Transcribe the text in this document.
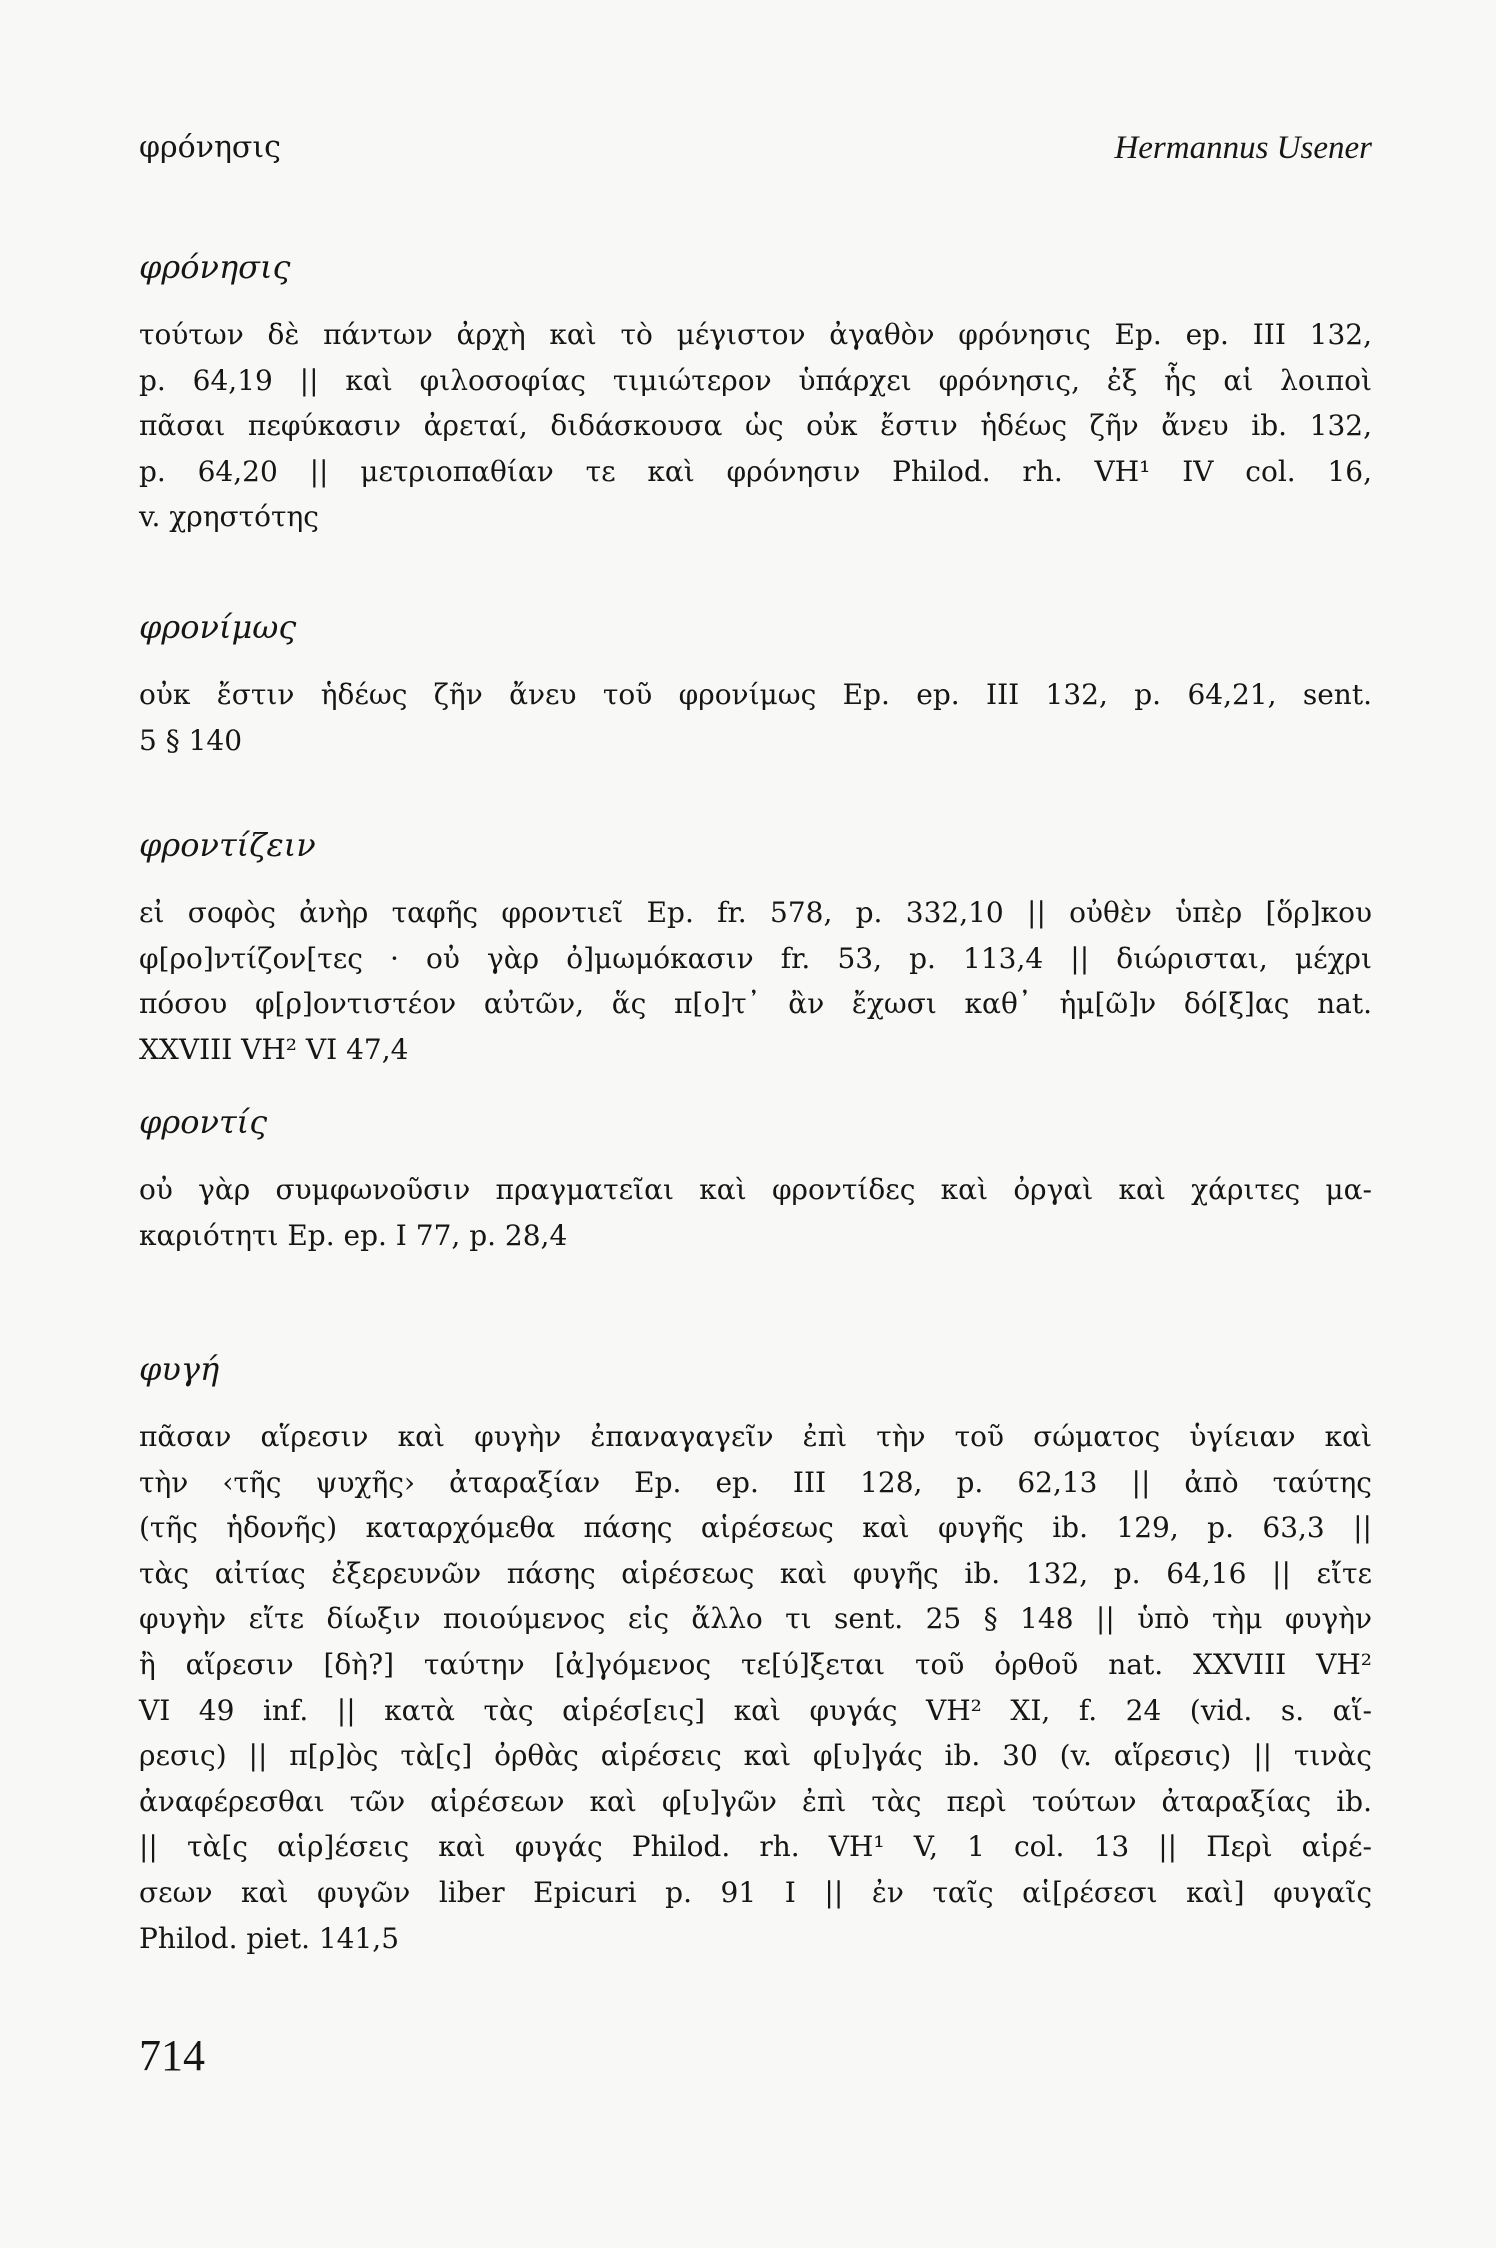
φρόνησις	Hermannus Usener
φρόνησις
τούτων δὲ πάντων ἀρχὴ καὶ τὸ μέγιστον ἀγαθὸν φρόνησις Ep. ep. III 132,
p. 64,19 || καὶ φιλοσοφίας τιμιώτερον ὑπάρχει φρόνησις, ἐξ ἧς αἱ λοιποὶ
πᾶσαι πεφύκασιν ἀρεταί, διδάσκουσα ὡς οὐκ ἔστιν ἡδέως ζῆν ἄνευ ib. 132,
p. 64,20 || μετριοπαθίαν τε καὶ φρόνησιν Philod. rh. VH¹ IV col. 16,
v. χρηστότης
φρονίμως
οὐκ ἔστιν ἡδέως ζῆν ἄνευ τοῦ φρονίμως Ep. ep. III 132, p. 64,21, sent.
5 § 140
φροντίζειν
εἰ σοφὸς ἀνὴρ ταφῆς φροντιεῖ Ep. fr. 578, p. 332,10 || οὐθὲν ὑπὲρ [ὅρ]κου
φ[ρο]ντίζον[τες · οὐ γὰρ ὀ]μωμόκασιν fr. 53, p. 113,4 || διώρισται, μέχρι
πόσου φ[ρ]οντιστέον αὐτῶν, ἅς π[ο]τ᾽ ἂν ἔχωσι καθ᾽ ἡμ[ῶ]ν δό[ξ]ας nat.
XXVIII VH² VI 47,4
φροντίς
οὐ γὰρ συμφωνοῦσιν πραγματεῖαι καὶ φροντίδες καὶ ὀργαὶ καὶ χάριτες μα-
καριότητι Ep. ep. I 77, p. 28,4
φυγή
πᾶσαν αἵρεσιν καὶ φυγὴν ἐπαναγαγεῖν ἐπὶ τὴν τοῦ σώματος ὑγίειαν καὶ
τὴν ‹τῆς ψυχῆς› ἀταραξίαν Ep. ep. III 128, p. 62,13 || ἀπὸ ταύτης
(τῆς ἡδονῆς) καταρχόμεθα πάσης αἱρέσεως καὶ φυγῆς ib. 129, p. 63,3 ||
τὰς αἰτίας ἐξερευνῶν πάσης αἱρέσεως καὶ φυγῆς ib. 132, p. 64,16 || εἴτε
φυγὴν εἴτε δίωξιν ποιούμενος εἰς ἄλλο τι sent. 25 § 148 || ὑπὸ τὴμ φυγὴν
ἢ αἵρεσιν [δὴ?] ταύτην [ἀ]γόμενος τε[ύ]ξεται τοῦ ὀρθοῦ nat. XXVIII VH²
VI 49 inf. || κατὰ τὰς αἱρέσ[εις] καὶ φυγάς VH² XI, f. 24 (vid. s. αἵ-
ρεσις) || π[ρ]ὸς τὰ[ς] ὀρθὰς αἱρέσεις καὶ φ[υ]γάς ib. 30 (v. αἵρεσις) || τινὰς
ἀναφέρεσθαι τῶν αἱρέσεων καὶ φ[υ]γῶν ἐπὶ τὰς περὶ τούτων ἀταραξίας ib.
|| τὰ[ς αἱρ]έσεις καὶ φυγάς Philod. rh. VH¹ V, 1 col. 13 || Περὶ αἱρέ-
σεων καὶ φυγῶν liber Epicuri p. 91 I || ἐν ταῖς αἱ[ρέσεσι καὶ] φυγαῖς
Philod. piet. 141,5
714
